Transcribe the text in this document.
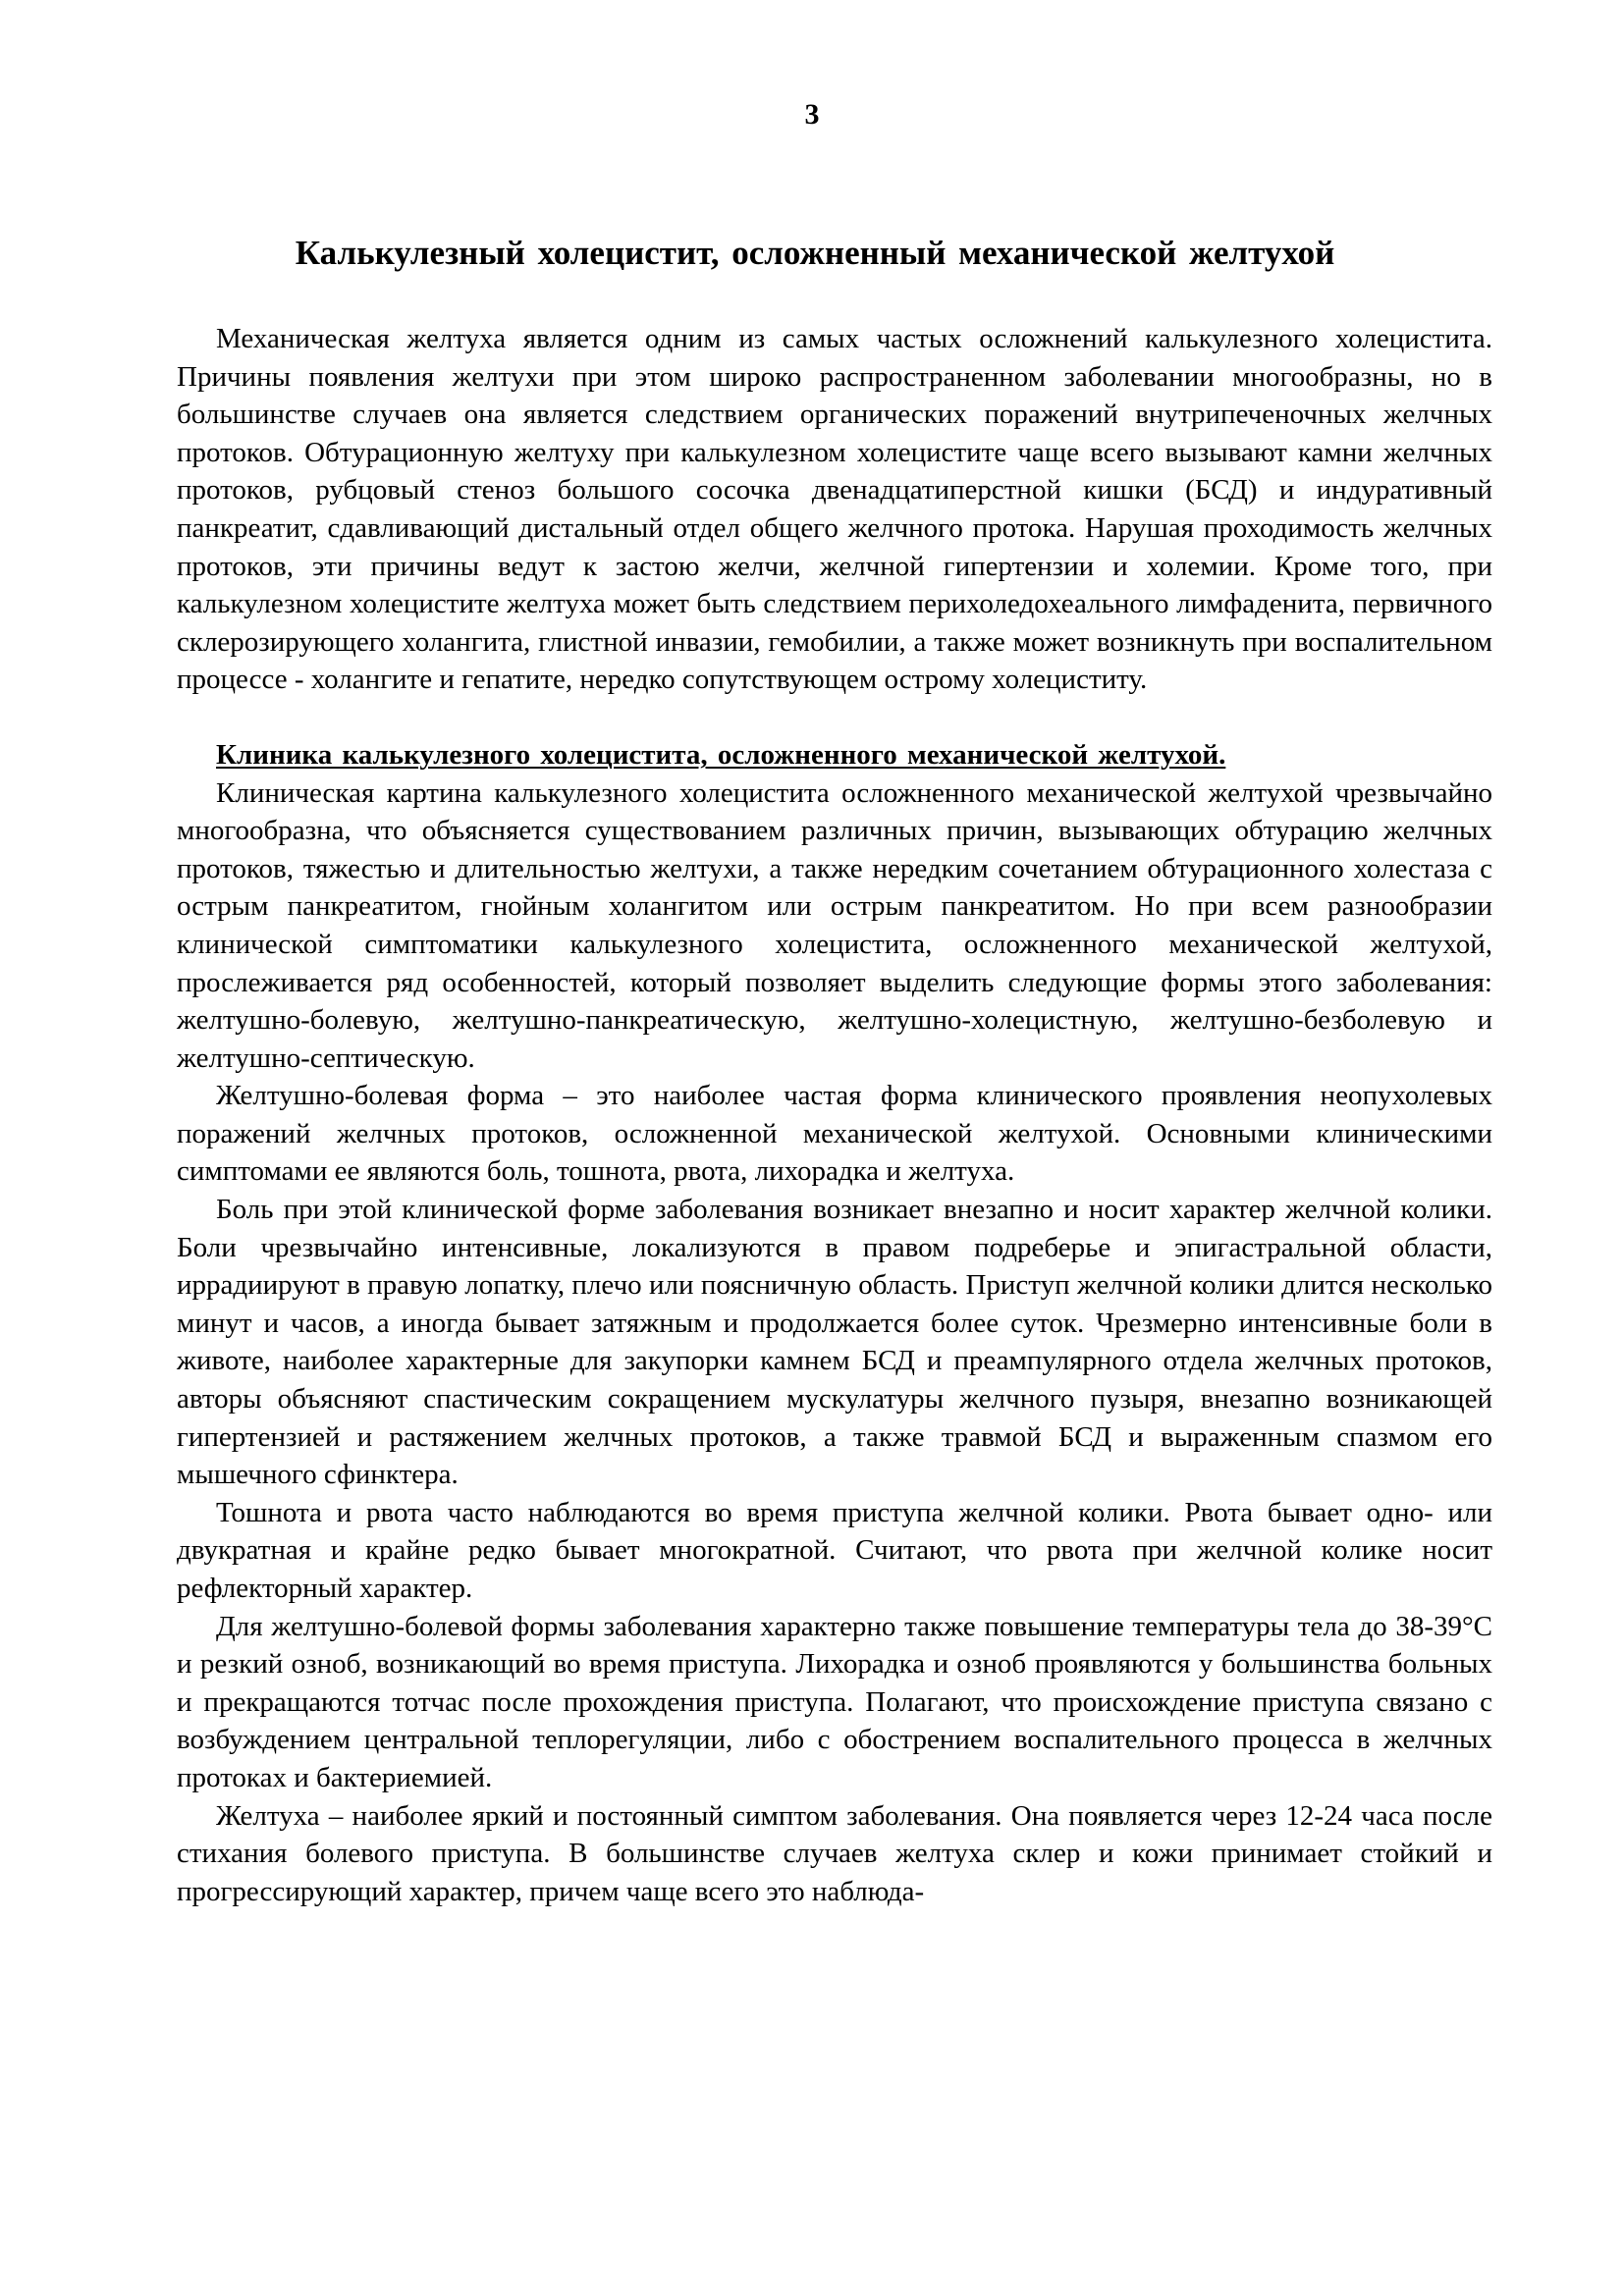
3

Калькулезный холецистит, осложненный механической желтухой

Механическая желтуха является одним из самых частых осложнений калькулезного холецистита. Причины появления желтухи при этом широко распространенном заболевании многообразны, но в большинстве случаев она является следствием органических поражений внутрипеченочных желчных протоков. Обтурационную желтуху при калькулезном холецистите чаще всего вызывают камни желчных протоков, рубцовый стеноз большого сосочка двенадцатиперстной кишки (БСД) и индуративный панкреатит, сдавливающий дистальный отдел общего желчного протока. Нарушая проходимость желчных протоков, эти причины ведут к застою желчи, желчной гипертензии и холемии. Кроме того, при калькулезном холецистите желтуха может быть следствием перихоледохеального лимфаденита, первичного склерозирующего холангита, глистной инвазии, гемобилии, а также может возникнуть при воспалительном процессе - холангите и гепатите, нередко сопутствующем острому холециститу.

Клиника калькулезного холецистита, осложненного механической желтухой.

Клиническая картина калькулезного холецистита осложненного механической желтухой чрезвычайно многообразна, что объясняется существованием различных причин, вызывающих обтурацию желчных протоков, тяжестью и длительностью желтухи, а также нередким сочетанием обтурационного холестаза с острым панкреатитом, гнойным холангитом или острым панкреатитом. Но при всем разнообразии клинической симптоматики калькулезного холецистита, осложненного механической желтухой, прослеживается ряд особенностей, который позволяет выделить следующие формы этого заболевания: желтушно-болевую, желтушно-панкреатическую, желтушно-холецистную, желтушно-безболевую и желтушно-септическую.

Желтушно-болевая форма – это наиболее частая форма клинического проявления неопухолевых поражений желчных протоков, осложненной механической желтухой. Основными клиническими симптомами ее являются боль, тошнота, рвота, лихорадка и желтуха.

Боль при этой клинической форме заболевания возникает внезапно и носит характер желчной колики. Боли чрезвычайно интенсивные, локализуются в правом подреберье и эпигастральной области, иррадиируют в правую лопатку, плечо или поясничную область. Приступ желчной колики длится несколько минут и часов, а иногда бывает затяжным и продолжается более суток. Чрезмерно интенсивные боли в животе, наиболее характерные для закупорки камнем БСД и преампулярного отдела желчных протоков, авторы объясняют спастическим сокращением мускулатуры желчного пузыря, внезапно возникающей гипертензией и растяжением желчных протоков, а также травмой БСД и выраженным спазмом его мышечного сфинктера.

Тошнота и рвота часто наблюдаются во время приступа желчной колики. Рвота бывает одно- или двукратная и крайне редко бывает многократной. Считают, что рвота при желчной колике носит рефлекторный характер.

Для желтушно-болевой формы заболевания характерно также повышение температуры тела до 38-39°С и резкий озноб, возникающий во время приступа. Лихорадка и озноб проявляются у большинства больных и прекращаются тотчас после прохождения приступа. Полагают, что происхождение приступа связано с возбуждением центральной теплорегуляции, либо с обострением воспалительного процесса в желчных протоках и бактериемией.

Желтуха – наиболее яркий и постоянный симптом заболевания. Она появляется через 12-24 часа после стихания болевого приступа. В большинстве случаев желтуха склер и кожи принимает стойкий и прогрессирующий характер, причем чаще всего это наблюда-
